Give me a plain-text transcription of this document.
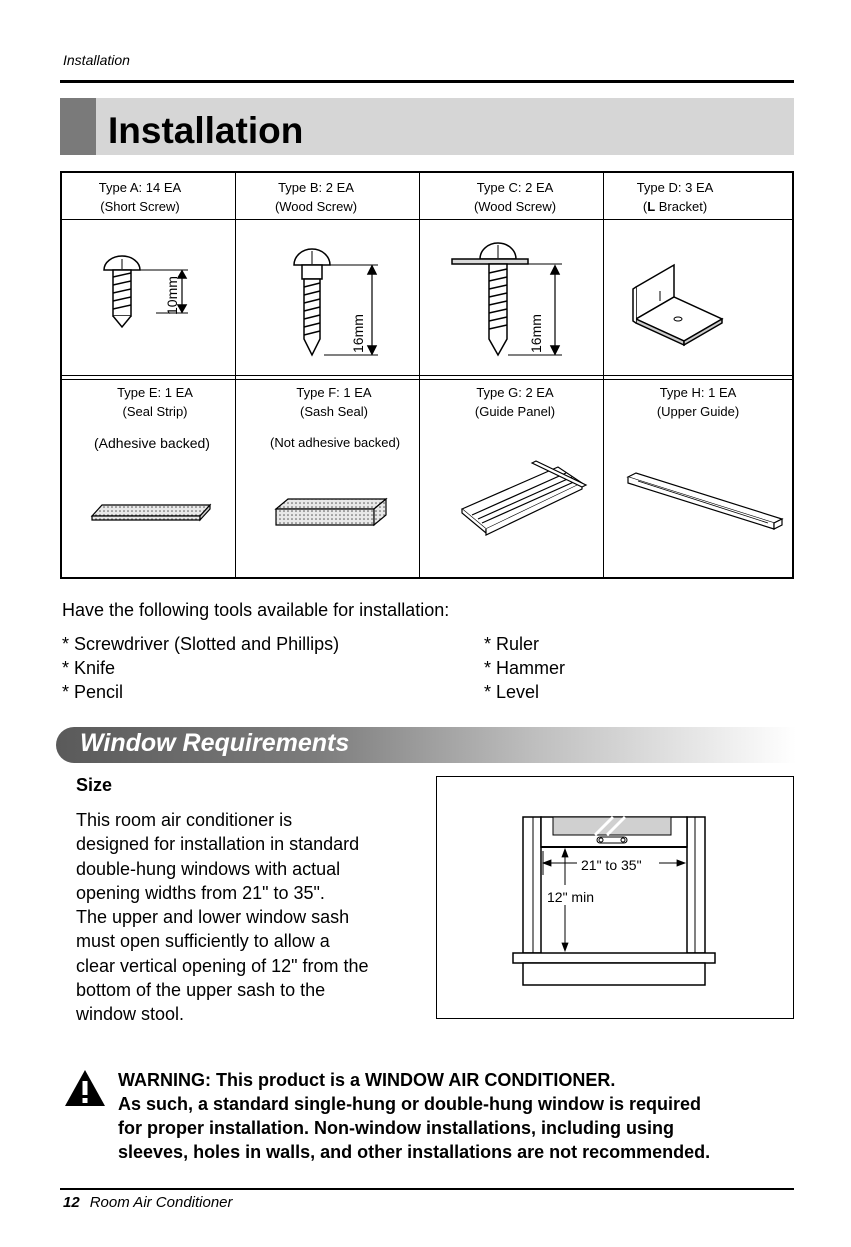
Installation
Installation
Type A: 14 EA
(Short Screw)
Type B: 2 EA
(Wood Screw)
Type C: 2 EA
(Wood Screw)
Type D: 3 EA
(L Bracket)
10mm
16mm	16mm
Type E: 1 EA
(Seal Strip)
Type F: 1 EA
(Sash Seal)
Type G: 2 EA
(Guide Panel)
Type H: 1 EA
(Upper Guide)
(Adhesive backed)	(Not adhesive backed)
Have the following tools available for installation:
* Screwdriver (Slotted and Phillips)
* Knife
* Pencil
* Ruler
* Hammer
* Level
Window Requirements
Size
This room air conditioner is
designed for installation in standard
double-hung windows with actual
opening widths from 21" to 35".
The upper and lower window sash
must open sufficiently to allow a
clear vertical opening of 12" from the
bottom of the upper sash to the
window stool.
21" to 35"
12" min
WARNING: This product is a WINDOW AIR CONDITIONER.
As such, a standard single-hung or double-hung window is required
for proper installation. Non-window installations, including using
sleeves, holes in walls, and other installations are not recommended.
12 Room Air Conditioner
